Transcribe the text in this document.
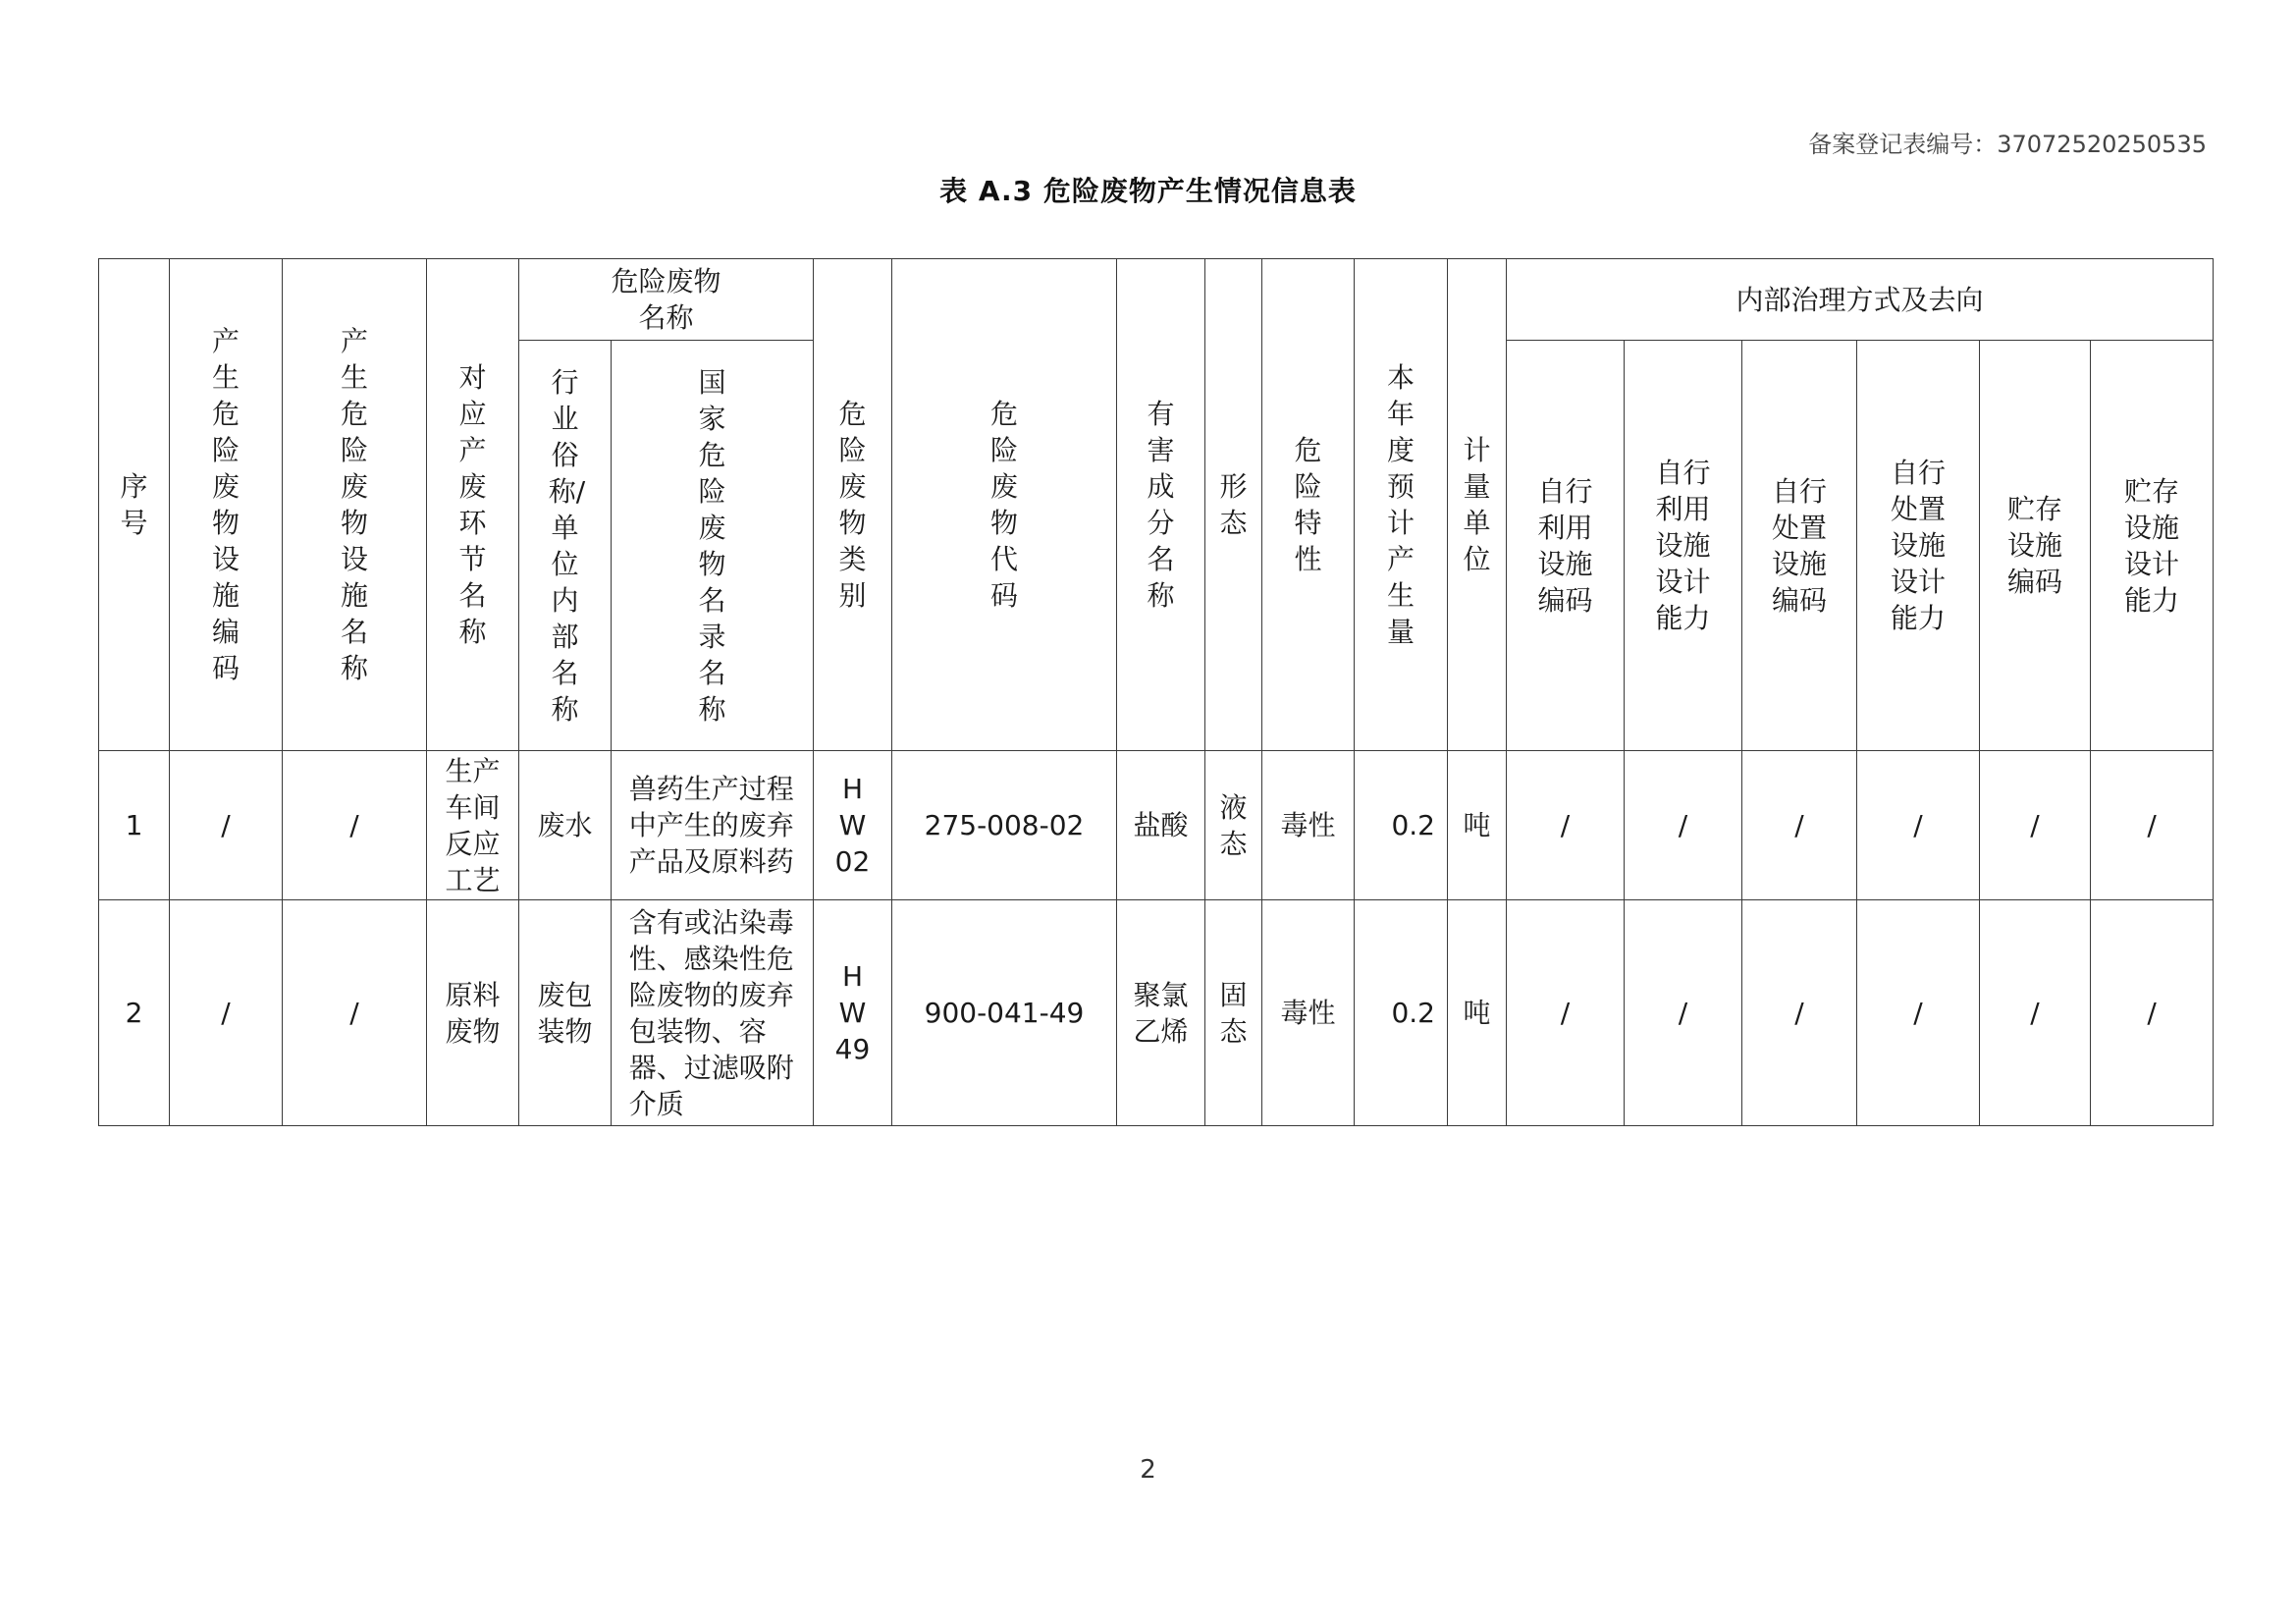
备案登记表编号：37072520250535
表 A.3 危险废物产生情况信息表
序号	产生危险废物设施编码	产生危险废物设施名称	对应产废环节名称	危险废物名称		危险废物类别	危险废物代码	有害成分名称	形态	危险特性	本年度预计产生量	计量单位	内部治理方式及去向					
				行业俗称/单位内部名称	国家危险废物名录名称								自行利用设施编码	自行利用设施设计能力	自行处置设施编码	自行处置设施设计能力	贮存设施编码	贮存设施设计能力
1	/	/	生产车间反应工艺	废水	兽药生产过程中产生的废弃产品及原料药	HW02	275-008-02	盐酸	液态	毒性	0.2	吨	/	/	/	/	/	/
2	/	/	原料废物	废包装物	含有或沾染毒性、感染性危险废物的废弃包装物、容器、过滤吸附介质	HW49	900-041-49	聚氯乙烯	固态	毒性	0.2	吨	/	/	/	/	/	/
2
